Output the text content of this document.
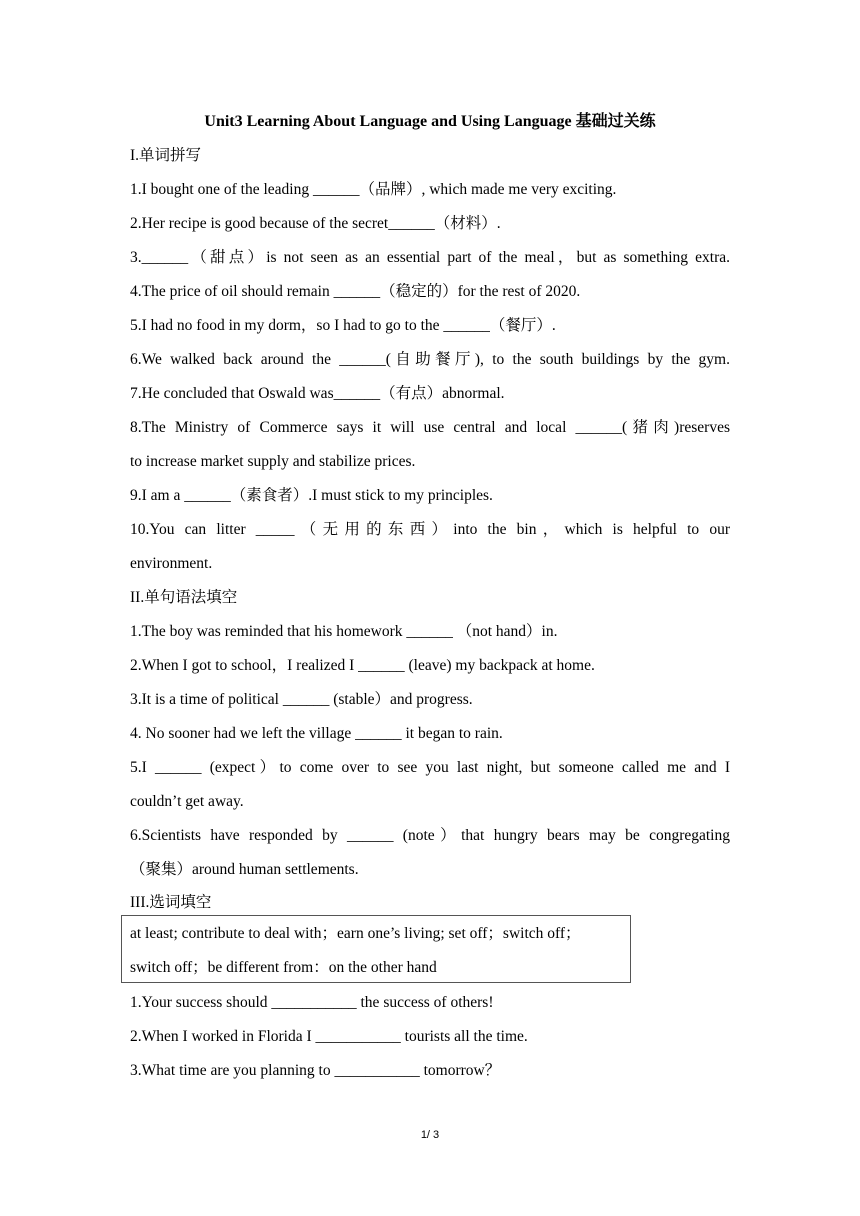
Unit3 Learning About Language and Using Language 基础过关练
I.单词拼写
1.I bought one of the leading ______（品牌）, which made me very exciting.
2.Her recipe is good because of the secret______（材料）.
3.______（甜点）is not seen as an essential part of the meal，but as something extra.
4.The price of oil should remain ______（稳定的）for the rest of 2020.
5.I had no food in my dorm，so I had to go to the ______（餐厅）.
6.We walked back around the ______(自助餐厅), to the south buildings by the gym.
7.He concluded that Oswald was______（有点）abnormal.
8.The Ministry of Commerce says it will use central and local ______(猪肉)reserves
to increase market supply and stabilize prices.
9.I am a ______（素食者）.I must stick to my principles.
10.You can litter _____（无用的东西）into the bin，which is helpful to our
environment.
II.单句语法填空
1.The boy was reminded that his homework ______ （not hand）in.
2.When I got to school，I realized I ______ (leave) my backpack at home.
3.It is a time of political ______ (stable）and progress.
4. No sooner had we left the village ______ it began to rain.
5.I ______ (expect）to come over to see you last night, but someone called me and I
couldn’t get away.
6.Scientists have responded by ______ (note）that hungry bears may be congregating
（聚集）around human settlements.
III.选词填空
at least; contribute to deal with；earn one’s living; set off；switch off；
switch off；be different from：on the other hand
1.Your success should ___________ the success of others!
2.When I worked in Florida I ___________ tourists all the time.
3.What time are you planning to ___________ tomorrow？
1/ 3
